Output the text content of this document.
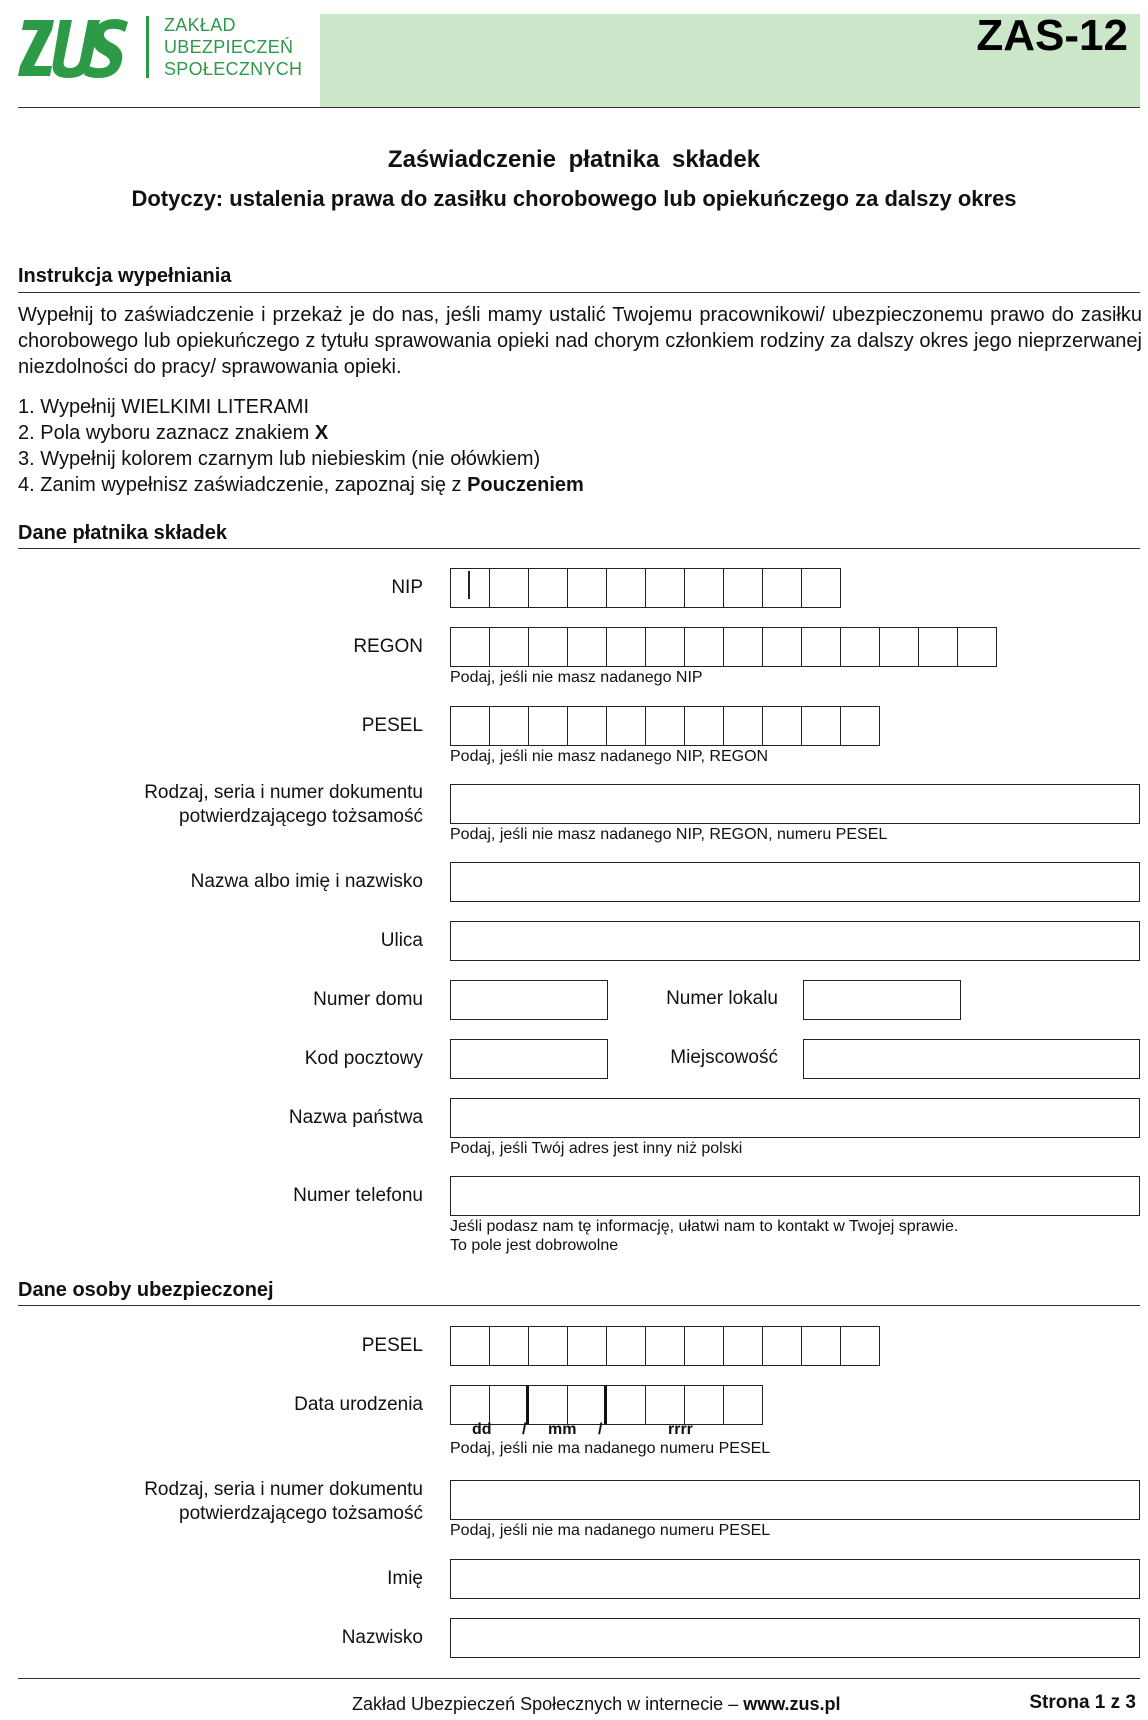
ZAKŁAD
UBEZPIECZEŃ
SPOŁECZNYCH
ZAS-12
Zaświadczenie płatnika składek
Dotyczy: ustalenia prawa do zasiłku chorobowego lub opiekuńczego za dalszy okres
Instrukcja wypełniania
Wypełnij to zaświadczenie i przekaż je do nas, jeśli mamy ustalić Twojemu pracownikowi/ ubezpieczonemu prawo do zasiłku chorobowego lub opiekuńczego z tytułu sprawowania opieki nad chorym członkiem rodziny za dalszy okres jego nieprzerwanej niezdolności do pracy/ sprawowania opieki.
1. Wypełnij WIELKIMI LITERAMI
2. Pola wyboru zaznacz znakiem X
3. Wypełnij kolorem czarnym lub niebieskim (nie ołówkiem)
4. Zanim wypełnisz zaświadczenie, zapoznaj się z Pouczeniem
Dane płatnika składek
NIP
REGON
Podaj, jeśli nie masz nadanego NIP
PESEL
Podaj, jeśli nie masz nadanego NIP, REGON
Rodzaj, seria i numer dokumentu
potwierdzającego tożsamość
Podaj, jeśli nie masz nadanego NIP, REGON, numeru PESEL
Nazwa albo imię i nazwisko
Ulica
Numer domu	Numer lokalu
Kod pocztowy	Miejscowość
Nazwa państwa
Podaj, jeśli Twój adres jest inny niż polski
Numer telefonu
Jeśli podasz nam tę informację, ułatwi nam to kontakt w Twojej sprawie.
To pole jest dobrowolne
Dane osoby ubezpieczonej
PESEL
Data urodzenia
dd / mm /	rrrr
Podaj, jeśli nie ma nadanego numeru PESEL
Rodzaj, seria i numer dokumentu
potwierdzającego tożsamość
Podaj, jeśli nie ma nadanego numeru PESEL
Imię
Nazwisko
Zakład Ubezpieczeń Społecznych w internecie – www.zus.pl	Strona 1 z 3
